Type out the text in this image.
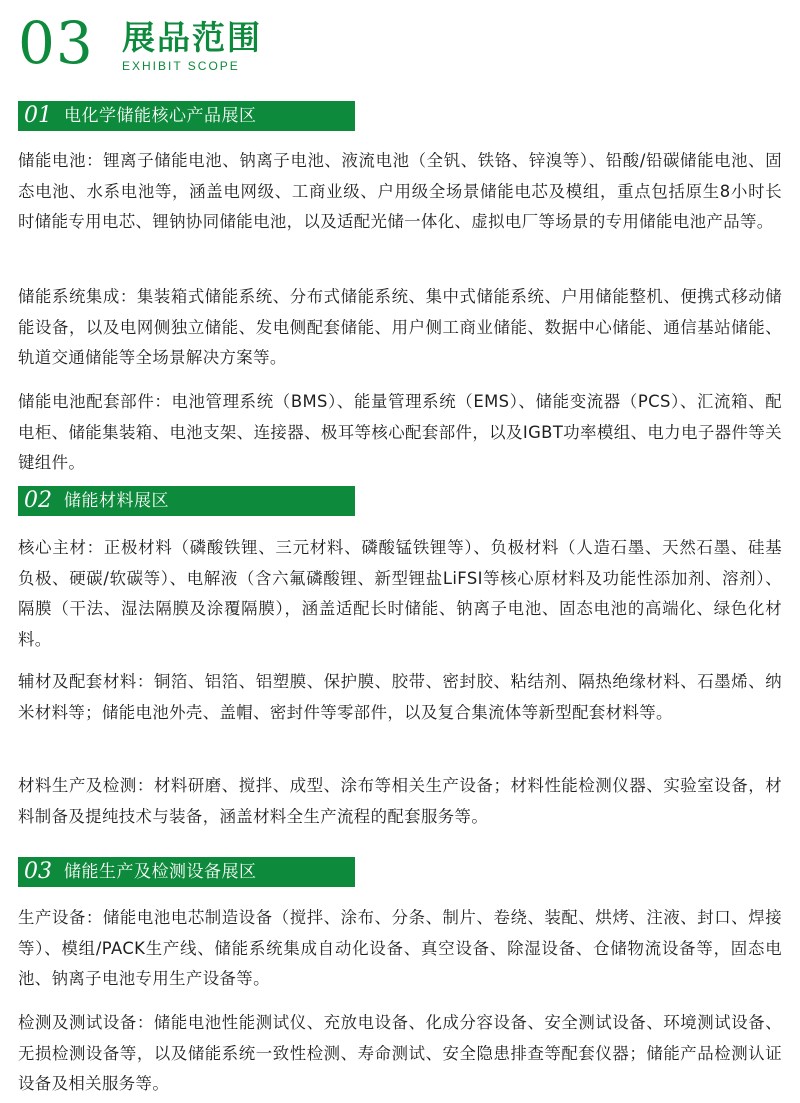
03 展品范围
EXHIBIT SCOPE
01 电化学储能核心产品展区

储能电池：锂离子储能电池、钠离子电池、液流电池（全钒、铁铬、锌溴等）、铅酸/铅碳储能电池、固态电池、水系电池等，涵盖电网级、工商业级、户用级全场景储能电芯及模组，重点包括原生8小时长时储能专用电芯、锂钠协同储能电池，以及适配光储一体化、虚拟电厂等场景的专用储能电池产品等。

储能系统集成：集装箱式储能系统、分布式储能系统、集中式储能系统、户用储能整机、便携式移动储能设备，以及电网侧独立储能、发电侧配套储能、用户侧工商业储能、数据中心储能、通信基站储能、轨道交通储能等全场景解决方案等。

储能电池配套部件：电池管理系统（BMS）、能量管理系统（EMS）、储能变流器（PCS）、汇流箱、配电柜、储能集装箱、电池支架、连接器、极耳等核心配套部件，以及IGBT功率模组、电力电子器件等关键组件。

02 储能材料展区

核心主材：正极材料（磷酸铁锂、三元材料、磷酸锰铁锂等）、负极材料（人造石墨、天然石墨、硅基负极、硬碳/软碳等）、电解液（含六氟磷酸锂、新型锂盐LiFSI等核心原材料及功能性添加剂、溶剂）、隔膜（干法、湿法隔膜及涂覆隔膜），涵盖适配长时储能、钠离子电池、固态电池的高端化、绿色化材料。

辅材及配套材料：铜箔、铝箔、铝塑膜、保护膜、胶带、密封胶、粘结剂、隔热绝缘材料、石墨烯、纳米材料等；储能电池外壳、盖帽、密封件等零部件，以及复合集流体等新型配套材料等。

材料生产及检测：材料研磨、搅拌、成型、涂布等相关生产设备；材料性能检测仪器、实验室设备，材料制备及提纯技术与装备，涵盖材料全生产流程的配套服务等。

03 储能生产及检测设备展区

生产设备：储能电池电芯制造设备（搅拌、涂布、分条、制片、卷绕、装配、烘烤、注液、封口、焊接等）、模组/PACK生产线、储能系统集成自动化设备、真空设备、除湿设备、仓储物流设备等，固态电池、钠离子电池专用生产设备等。

检测及测试设备：储能电池性能测试仪、充放电设备、化成分容设备、安全测试设备、环境测试设备、无损检测设备等，以及储能系统一致性检测、寿命测试、安全隐患排查等配套仪器；储能产品检测认证设备及相关服务等。
